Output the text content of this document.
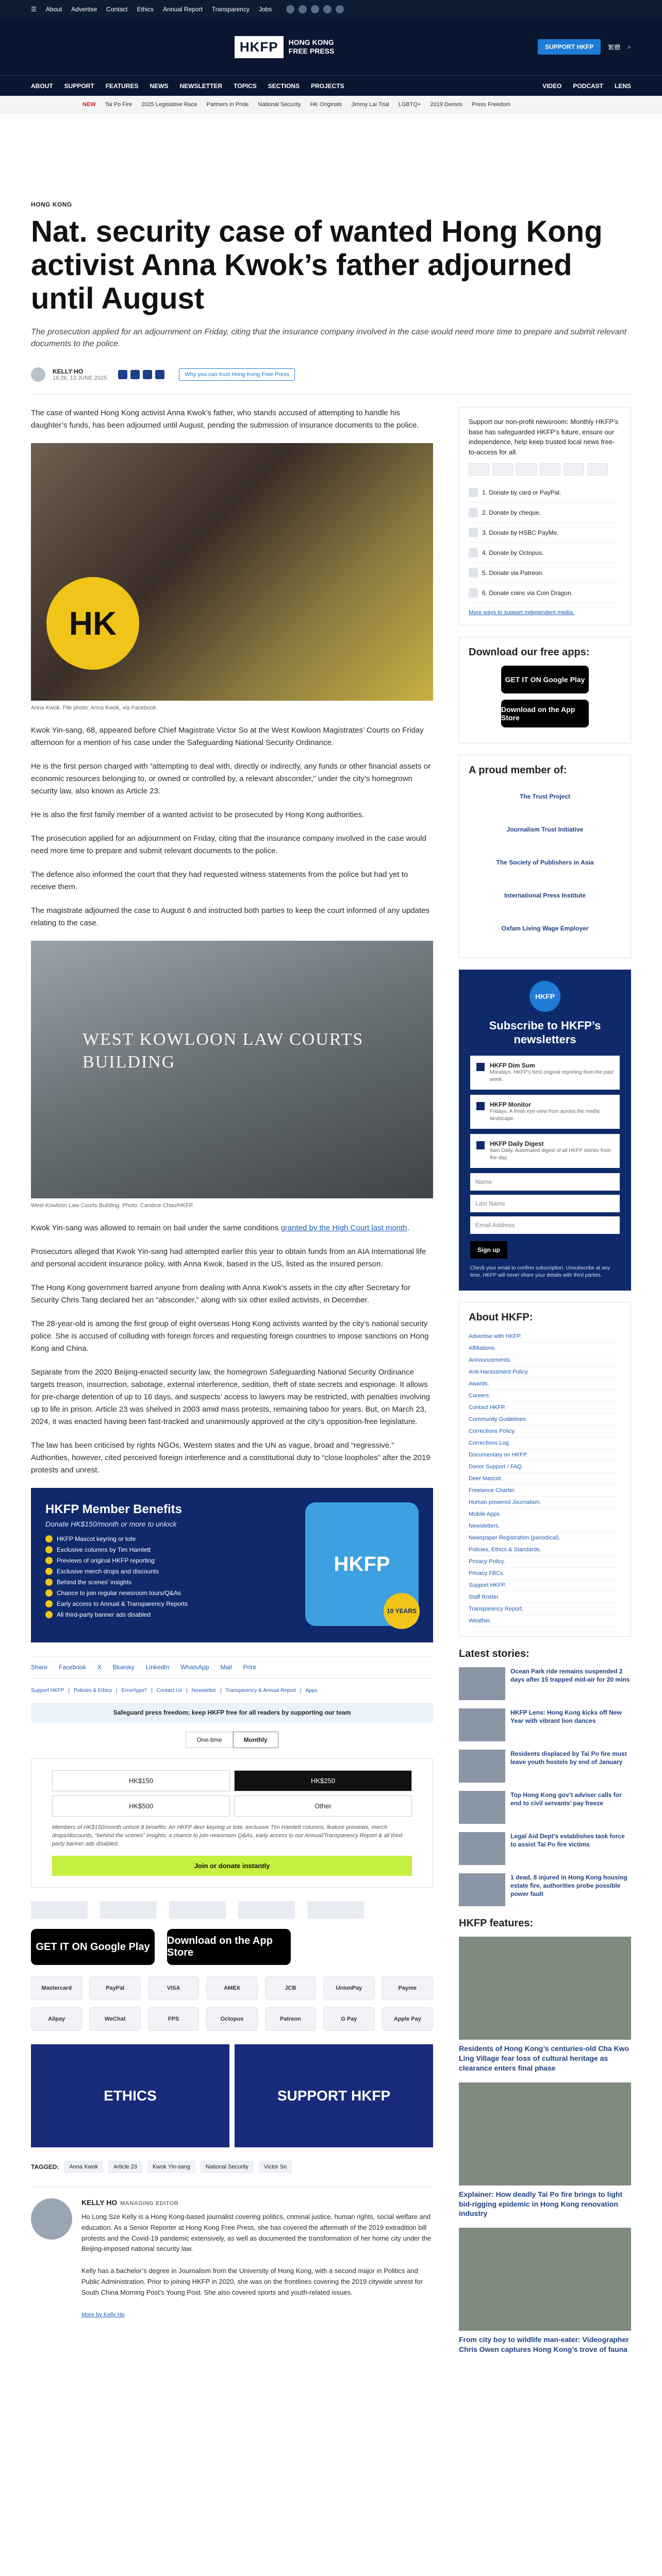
☰ About Advertise Contact Ethics Annual Report Transparency Jobs
HKFP	HONG KONG
FREE PRESS	SUPPORT HKFP	繁體 ⌕
ABOUT SUPPORT FEATURES NEWS NEWSLETTER TOPICS SECTIONS PROJECTS	VIDEO PODCAST LENS
NEW Tai Po Fire 2025 Legislative Race Partners in Pride National Security HK Originals Jimmy Lai Trial LGBTQ+ 2019 Demos Press Freedom
HONG KONG
Nat. security case of wanted Hong Kong activist Anna Kwok’s father adjourned until August

The prosecution applied for an adjournment on Friday, citing that the insurance company involved in the case would need more time to prepare and submit relevant documents to the police.

KELLY HO
16:26, 13 JUNE 2025
Why you can trust Hong Kong Free Press

The case of wanted Hong Kong activist Anna Kwok’s father, who stands accused of attempting to handle his daughter’s funds, has been adjourned until August, pending the submission of insurance documents to the police.

HK
Anna Kwok. File photo: Anna Kwok, via Facebook.

Kwok Yin-sang, 68, appeared before Chief Magistrate Victor So at the West Kowloon Magistrates’ Courts on Friday afternoon for a mention of his case under the Safeguarding National Security Ordinance.

He is the first person charged with “attempting to deal with, directly or indirectly, any funds or other financial assets or economic resources belonging to, or owned or controlled by, a relevant absconder,” under the city’s homegrown security law, also known as Article 23.

He is also the first family member of a wanted activist to be prosecuted by Hong Kong authorities.

The prosecution applied for an adjournment on Friday, citing that the insurance company involved in the case would need more time to prepare and submit relevant documents to the police.

The defence also informed the court that they had requested witness statements from the police but had yet to receive them.

The magistrate adjourned the case to August 6 and instructed both parties to keep the court informed of any updates relating to the case.

WEST KOWLOON LAW COURTS BUILDING
West Kowloon Law Courts Building. Photo: Candice Chau/HKFP.

Kwok Yin-sang was allowed to remain on bail under the same conditions granted by the High Court last month.

Prosecutors alleged that Kwok Yin-sang had attempted earlier this year to obtain funds from an AIA International life and personal accident insurance policy, with Anna Kwok, based in the US, listed as the insured person.

The Hong Kong government barred anyone from dealing with Anna Kwok’s assets in the city after Secretary for Security Chris Tang declared her an “absconder,” along with six other exiled activists, in December.

The 28-year-old is among the first group of eight overseas Hong Kong activists wanted by the city’s national security police. She is accused of colluding with foreign forces and requesting foreign countries to impose sanctions on Hong Kong and China.

Separate from the 2020 Beijing-enacted security law, the homegrown Safeguarding National Security Ordinance targets treason, insurrection, sabotage, external interference, sedition, theft of state secrets and espionage. It allows for pre-charge detention of up to 16 days, and suspects’ access to lawyers may be restricted, with penalties involving up to life in prison. Article 23 was shelved in 2003 amid mass protests, remaining taboo for years. But, on March 23, 2024, it was enacted having been fast-tracked and unanimously approved at the city’s opposition-free legislature.

The law has been criticised by rights NGOs, Western states and the UN as vague, broad and “regressive.” Authorities, however, cited perceived foreign interference and a constitutional duty to “close loopholes” after the 2019 protests and unrest.

HKFP Member Benefits
Donate HK$150/month or more to unlock
HKFP Mascot keyring or tote
Exclusive columns by Tim Hamlett
Previews of original HKFP reporting
Exclusive merch drops and discounts
Behind the scenes’ insights
Chance to join regular newsroom tours/Q&As
Early access to Annual & Transparency Reports
All third-party banner ads disabled
HKFP
10 YEARS
Share Facebook X Bluesky LinkedIn WhatsApp Mail Print
Support HKFP | Policies & Ethics | Error/typo? | Contact Us | Newsletter | Transparency & Annual Report | Apps
Safeguard press freedom; keep HKFP free for all readers by supporting our team
One-time	Monthly
HK$150	HK$250
HK$500	Other
Members of HK$150/month unlock 8 benefits: An HKFP deer keyring or tote, exclusive Tim Hamlett columns, feature previews, merch drops/discounts, “behind the scenes” insights, a chance to join newsroom Q&As, early access to our Annual/Transparency Report & all third-party banner ads disabled.
Join or donate instantly
GET IT ON Google Play
Download on the App Store
Mastercard	PayPal	VISA	AMEX	JCB	UnionPay	Payme
Alipay	WeChat	FPS	Octopus	Patreon	G Pay	Apple Pay
ETHICS	SUPPORT HKFP
TAGGED:	Anna Kwok	Article 23	Kwok Yin-sang	National Security	Victor So
KELLY HO MANAGING EDITOR

Ho Long Sze Kelly is a Hong Kong-based journalist covering politics, criminal justice, human rights, social welfare and education. As a Senior Reporter at Hong Kong Free Press, she has covered the aftermath of the 2019 extradition bill protests and the Covid-19 pandemic extensively, as well as documented the transformation of her home city under the Beijing-imposed national security law.

Kelly has a bachelor’s degree in Journalism from the University of Hong Kong, with a second major in Politics and Public Administration. Prior to joining HKFP in 2020, she was on the frontlines covering the 2019 citywide unrest for South China Morning Post’s Young Post. She also covered sports and youth-related issues.

More by Kelly Ho

Support our non-profit newsroom: Monthly HKFP’s base has safeguarded HKFP’s future, ensure our independence, help keep trusted local news free-to-access for all.

1. Donate by card or PayPal.
2. Donate by cheque.
3. Donate by HSBC PayMe.
4. Donate by Octopus.
5. Donate via Patreon.
6. Donate coins via Coin Dragon.
More ways to support independent media.
Download our free apps:
GET IT ON Google Play
Download on the App Store
A proud member of:
The Trust Project
Journalism Trust Initiative
The Society of Publishers in Asia
International Press Institute
Oxfam Living Wage Employer
HKFP
Subscribe to HKFP’s newsletters
HKFP Dim Sum
Mondays. HKFP’s best original reporting from the past week.
HKFP Monitor
Fridays. A fresh eye-view from across the media landscape.
HKFP Daily Digest
9am Daily. Automated digest of all HKFP stories from the day.
Name
Last Name
Email Address
Sign up
Check your email to confirm subscription. Unsubscribe at any time. HKFP will never share your details with third parties.
About HKFP:
Advertise with HKFP.
Affiliations.
Announcements.
Anti-Harassment Policy.
Awards.
Careers.
Contact HKFP.
Community Guidelines.
Corrections Policy.
Corrections Log.
Documentary on HKFP.
Donor Support / FAQ.
Deer Mascot.
Freelance Charter.
Human-powered Journalism.
Mobile Apps.
Newsletters.
Newspaper Registration (periodical).
Policies, Ethics & Standards.
Privacy Policy.
Privacy FBCs.
Support HKFP.
Staff Roster.
Transparency Report.
Weather.
Latest stories:
Ocean Park ride remains suspended 2 days after 15 trapped mid-air for 20 mins
HKFP Lens: Hong Kong kicks off New Year with vibrant lion dances
Residents displaced by Tai Po fire must leave youth hostels by end of January
Top Hong Kong gov’t adviser calls for end to civil servants’ pay freeze
Legal Aid Dept’s establishes task force to assist Tai Po fire victims
1 dead, 8 injured in Hong Kong housing estate fire, authorities probe possible power fault
HKFP features:
Residents of Hong Kong’s centuries-old Cha Kwo Ling Village fear loss of cultural heritage as clearance enters final phase
Explainer: How deadly Tai Po fire brings to light bid-rigging epidemic in Hong Kong renovation industry
From city boy to wildlife man-eater: Videographer Chris Owen captures Hong Kong’s trove of fauna
